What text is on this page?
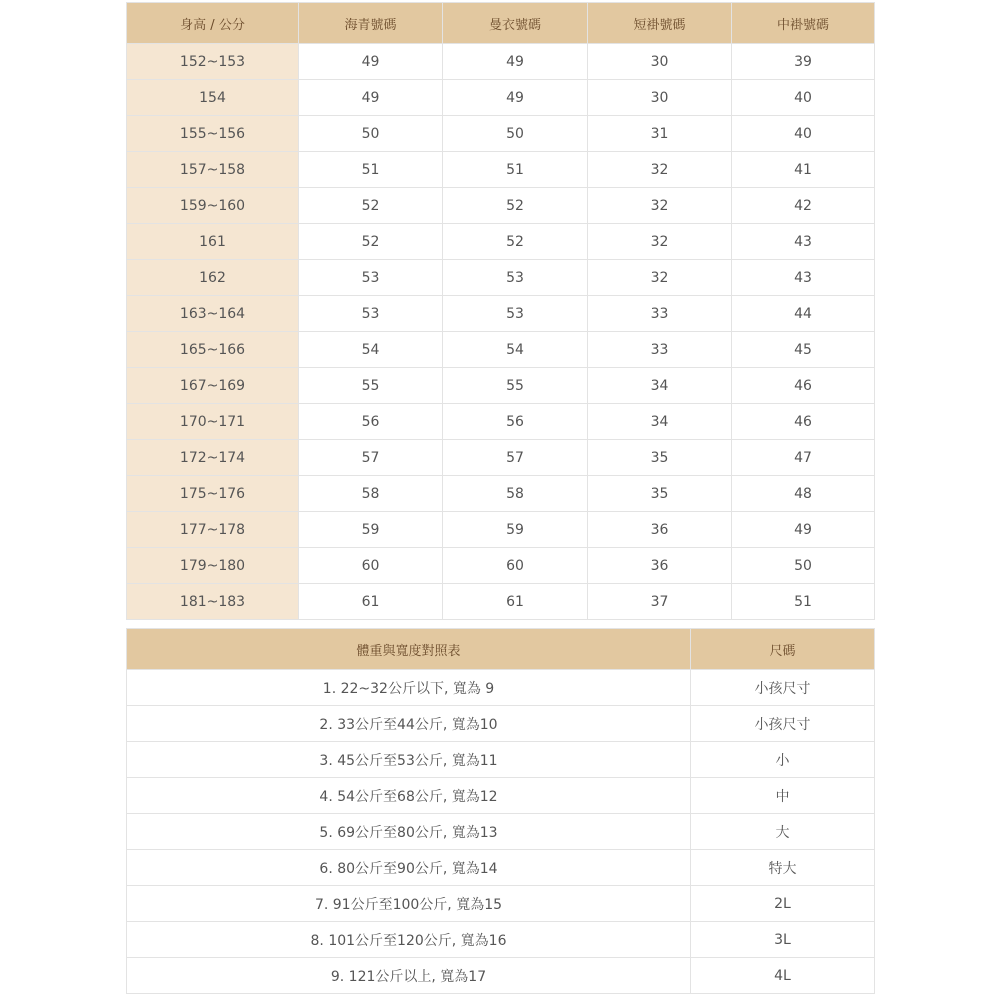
身高 / 公分	海青號碼	曼衣號碼	短褂號碼	中褂號碼
152~153	49	49	30	39
154	49	49	30	40
155~156	50	50	31	40
157~158	51	51	32	41
159~160	52	52	32	42
161	52	52	32	43
162	53	53	32	43
163~164	53	53	33	44
165~166	54	54	33	45
167~169	55	55	34	46
170~171	56	56	34	46
172~174	57	57	35	47
175~176	58	58	35	48
177~178	59	59	36	49
179~180	60	60	36	50
181~183	61	61	37	51
體重與寬度對照表	尺碼
1. 22~32公斤以下, 寬為 9	小孩尺寸
2. 33公斤至44公斤, 寬為10	小孩尺寸
3. 45公斤至53公斤, 寬為11	小
4. 54公斤至68公斤, 寬為12	中
5. 69公斤至80公斤, 寬為13	大
6. 80公斤至90公斤, 寬為14	特大
7. 91公斤至100公斤, 寬為15	2L
8. 101公斤至120公斤, 寬為16	3L
9. 121公斤以上, 寬為17	4L
